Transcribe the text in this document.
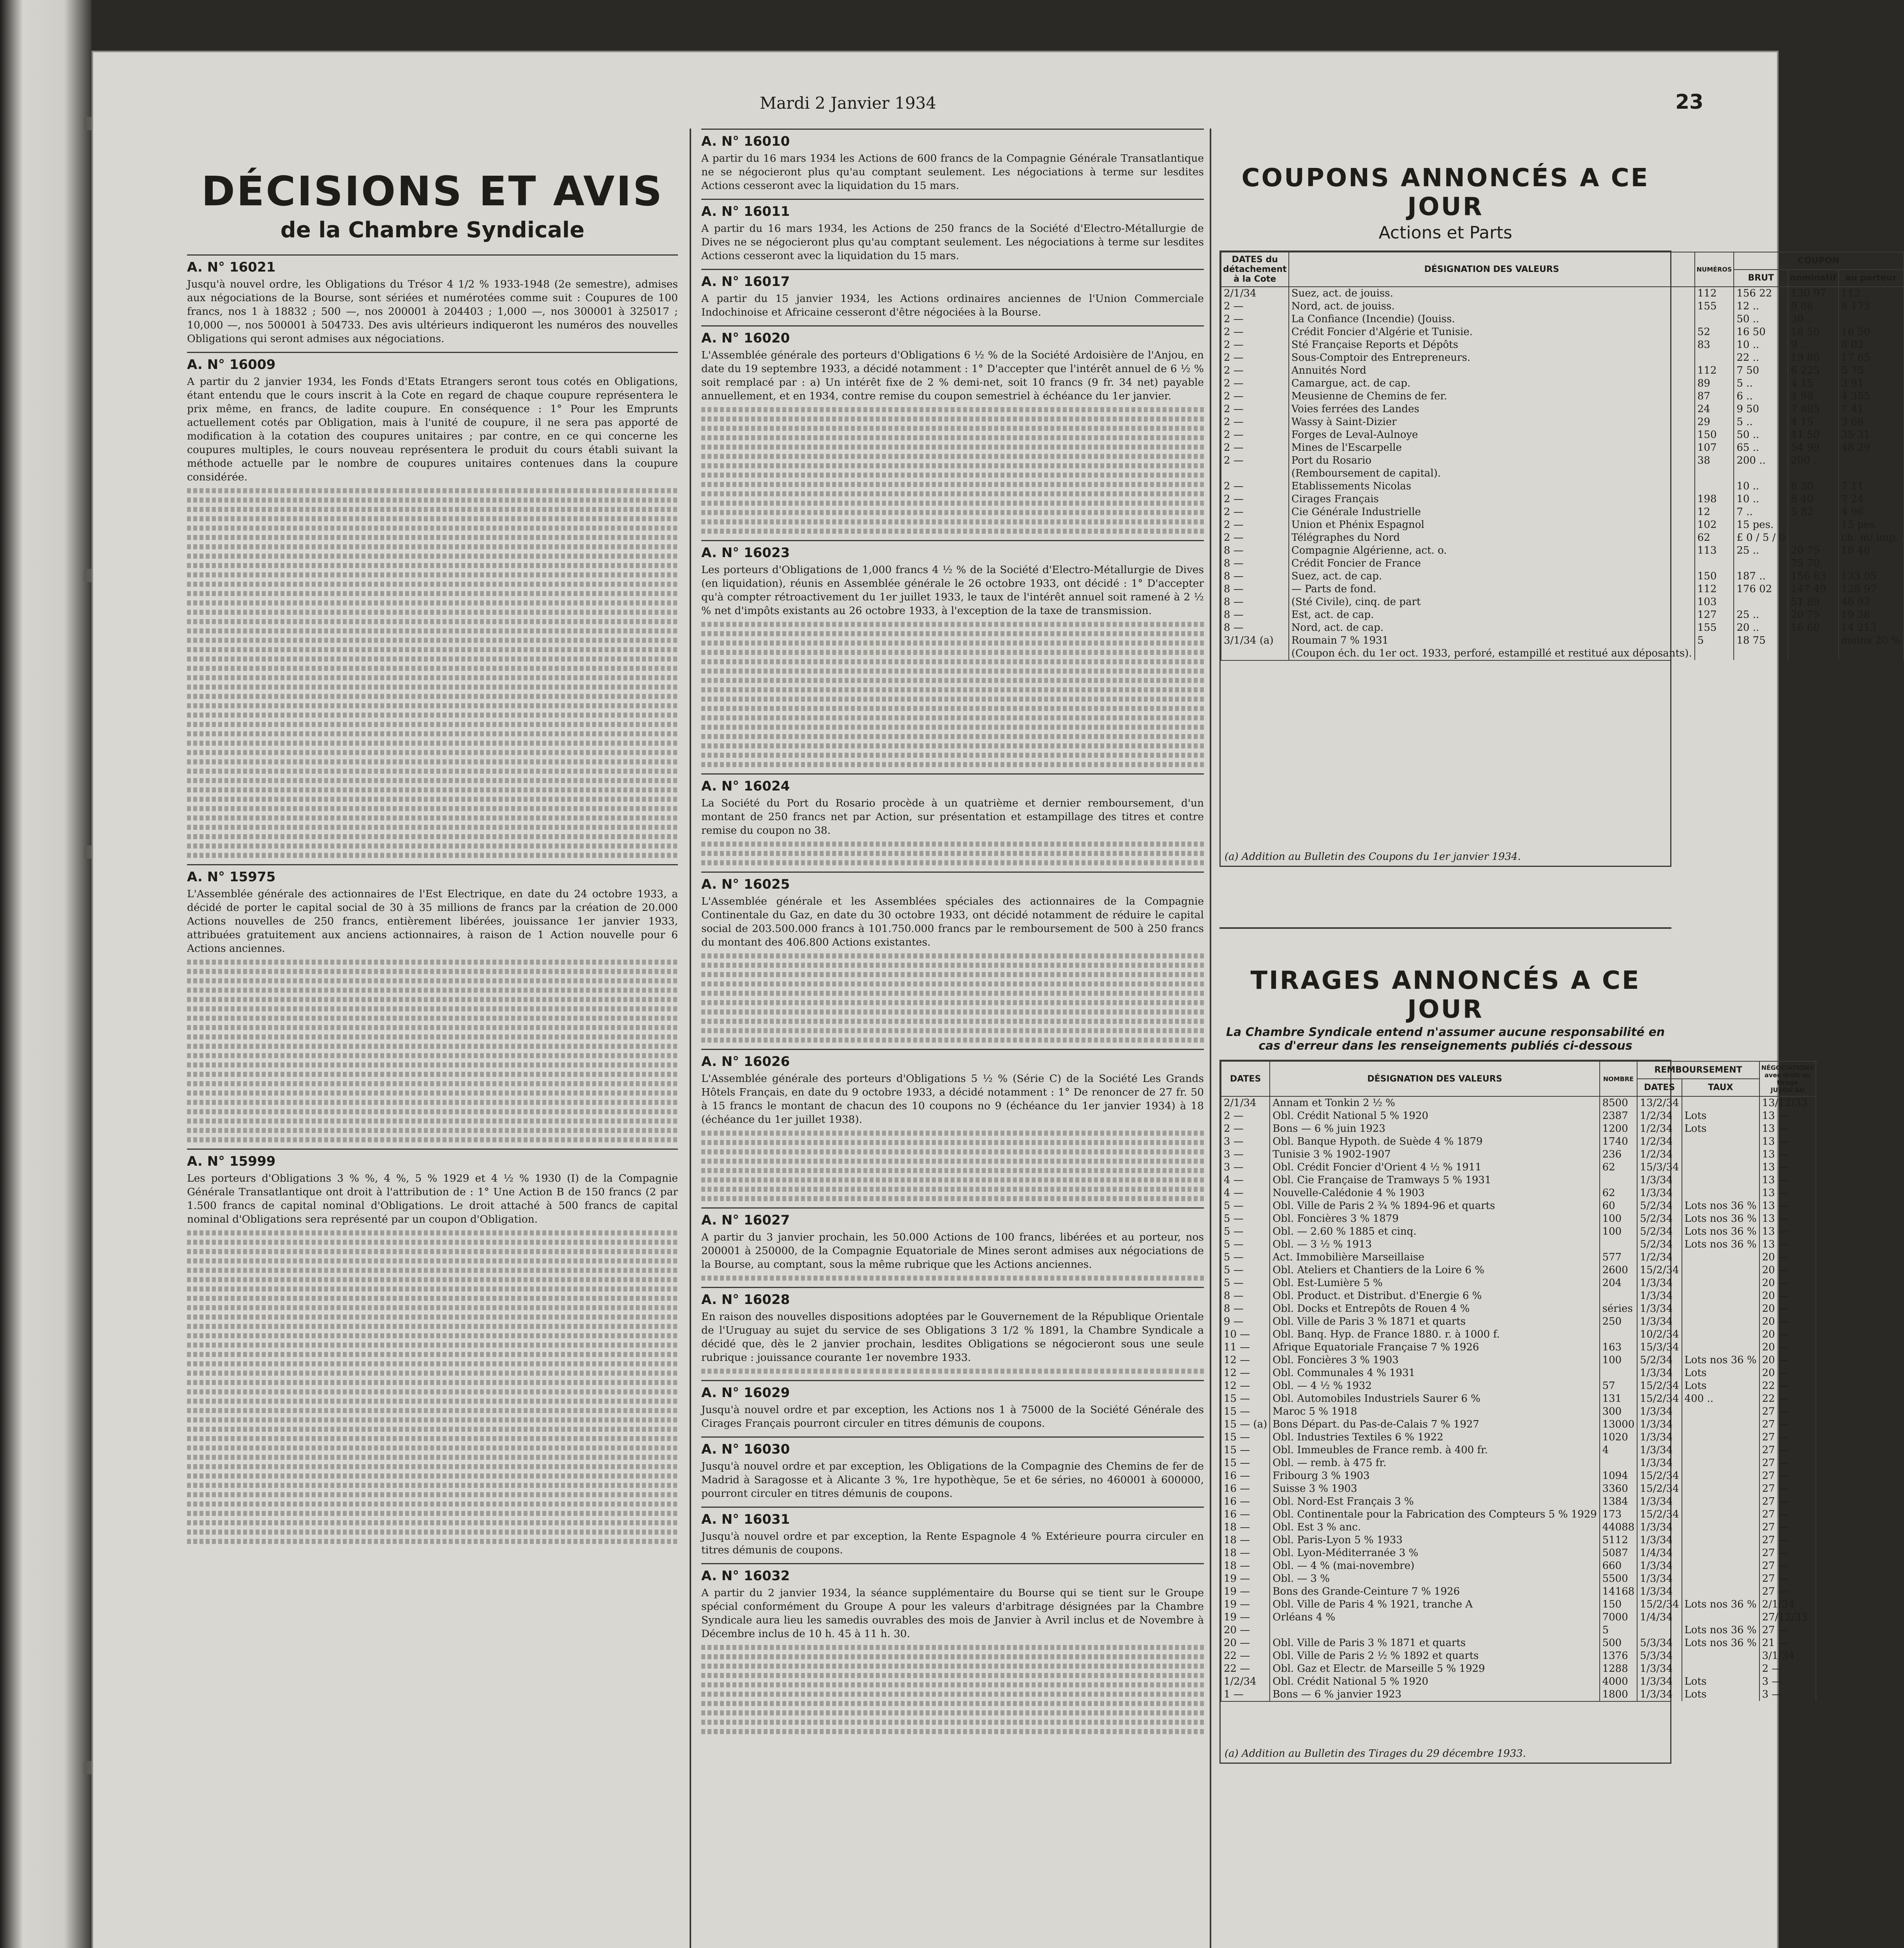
Mardi 2 Janvier 1934	23
DÉCISIONS ET AVIS
de la Chambre Syndicale

A. N° 16021

Jusqu'à nouvel ordre, les Obligations du Trésor 4 1/2 % 1933-1948 (2e semestre), admises aux négociations de la Bourse, sont sériées et numérotées comme suit : Coupures de 100 francs, nos 1 à 18832 ; 500 —, nos 200001 à 204403 ; 1,000 —, nos 300001 à 325017 ; 10,000 —, nos 500001 à 504733. Des avis ultérieurs indiqueront les numéros des nouvelles Obligations qui seront admises aux négociations.

A. N° 16009

A partir du 2 janvier 1934, les Fonds d'Etats Etrangers seront tous cotés en Obligations, étant entendu que le cours inscrit à la Cote en regard de chaque coupure représentera le prix même, en francs, de ladite coupure. En conséquence : 1° Pour les Emprunts actuellement cotés par Obligation, mais à l'unité de coupure, il ne sera pas apporté de modification à la cotation des coupures unitaires ; par contre, en ce qui concerne les coupures multiples, le cours nouveau représentera le produit du cours établi suivant la méthode actuelle par le nombre de coupures unitaires contenues dans la coupure considérée.

A. N° 15975

L'Assemblée générale des actionnaires de l'Est Electrique, en date du 24 octobre 1933, a décidé de porter le capital social de 30 à 35 millions de francs par la création de 20.000 Actions nouvelles de 250 francs, entièrement libérées, jouissance 1er janvier 1933, attribuées gratuitement aux anciens actionnaires, à raison de 1 Action nouvelle pour 6 Actions anciennes.

A. N° 15999

Les porteurs d'Obligations 3 % %, 4 %, 5 % 1929 et 4 ½ % 1930 (I) de la Compagnie Générale Transatlantique ont droit à l'attribution de : 1° Une Action B de 150 francs (2 par 1.500 francs de capital nominal d'Obligations. Le droit attaché à 500 francs de capital nominal d'Obligations sera représenté par un coupon d'Obligation.

A. N° 16010

A partir du 16 mars 1934 les Actions de 600 francs de la Compagnie Générale Transatlantique ne se négocieront plus qu'au comptant seulement. Les négociations à terme sur lesdites Actions cesseront avec la liquidation du 15 mars.

A. N° 16011

A partir du 16 mars 1934, les Actions de 250 francs de la Société d'Electro-Métallurgie de Dives ne se négocieront plus qu'au comptant seulement. Les négociations à terme sur lesdites Actions cesseront avec la liquidation du 15 mars.

A. N° 16017

A partir du 15 janvier 1934, les Actions ordinaires anciennes de l'Union Commerciale Indochinoise et Africaine cesseront d'être négociées à la Bourse.

A. N° 16020

L'Assemblée générale des porteurs d'Obligations 6 ½ % de la Société Ardoisière de l'Anjou, en date du 19 septembre 1933, a décidé notamment : 1° D'accepter que l'intérêt annuel de 6 ½ % soit remplacé par : a) Un intérêt fixe de 2 % demi-net, soit 10 francs (9 fr. 34 net) payable annuellement, et en 1934, contre remise du coupon semestriel à échéance du 1er janvier.

A. N° 16023

Les porteurs d'Obligations de 1,000 francs 4 ½ % de la Société d'Electro-Métallurgie de Dives (en liquidation), réunis en Assemblée générale le 26 octobre 1933, ont décidé : 1° D'accepter qu'à compter rétroactivement du 1er juillet 1933, le taux de l'intérêt annuel soit ramené à 2 ½ % net d'impôts existants au 26 octobre 1933, à l'exception de la taxe de transmission.

A. N° 16024

La Société du Port du Rosario procède à un quatrième et dernier remboursement, d'un montant de 250 francs net par Action, sur présentation et estampillage des titres et contre remise du coupon no 38.

A. N° 16025

L'Assemblée générale et les Assemblées spéciales des actionnaires de la Compagnie Continentale du Gaz, en date du 30 octobre 1933, ont décidé notamment de réduire le capital social de 203.500.000 francs à 101.750.000 francs par le remboursement de 500 à 250 francs du montant des 406.800 Actions existantes.

A. N° 16026

L'Assemblée générale des porteurs d'Obligations 5 ½ % (Série C) de la Société Les Grands Hôtels Français, en date du 9 octobre 1933, a décidé notamment : 1° De renoncer de 27 fr. 50 à 15 francs le montant de chacun des 10 coupons no 9 (échéance du 1er janvier 1934) à 18 (échéance du 1er juillet 1938).

A. N° 16027

A partir du 3 janvier prochain, les 50.000 Actions de 100 francs, libérées et au porteur, nos 200001 à 250000, de la Compagnie Equatoriale de Mines seront admises aux négociations de la Bourse, au comptant, sous la même rubrique que les Actions anciennes.

A. N° 16028

En raison des nouvelles dispositions adoptées par le Gouvernement de la République Orientale de l'Uruguay au sujet du service de ses Obligations 3 1/2 % 1891, la Chambre Syndicale a décidé que, dès le 2 janvier prochain, lesdites Obligations se négocieront sous une seule rubrique : jouissance courante 1er novembre 1933.

A. N° 16029

Jusqu'à nouvel ordre et par exception, les Actions nos 1 à 75000 de la Société Générale des Cirages Français pourront circuler en titres démunis de coupons.

A. N° 16030

Jusqu'à nouvel ordre et par exception, les Obligations de la Compagnie des Chemins de fer de Madrid à Saragosse et à Alicante 3 %, 1re hypothèque, 5e et 6e séries, no 460001 à 600000, pourront circuler en titres démunis de coupons.

A. N° 16031

Jusqu'à nouvel ordre et par exception, la Rente Espagnole 4 % Extérieure pourra circuler en titres démunis de coupons.

A. N° 16032

A partir du 2 janvier 1934, la séance supplémentaire du Bourse qui se tient sur le Groupe spécial conformément du Groupe A pour les valeurs d'arbitrage désignées par la Chambre Syndicale aura lieu les samedis ouvrables des mois de Janvier à Avril inclus et de Novembre à Décembre inclus de 10 h. 45 à 11 h. 30.

COUPONS ANNONCÉS A CE JOUR
Actions et Parts
DATES du détachement à la Cote	DÉSIGNATION DES VALEURS	NUMÉROS	COUPON		
			BRUT	nominatif	au porteur
2/1/34	Suez, act. de jouiss.	112	156 22	130 97	112 ..
2 —	Nord, act. de jouiss.	155	12 ..	9 86	8 173
2 —	La Confiance (Incendie) (Jouiss.		50 ..	30 ..	
2 —	Crédit Foncier d'Algérie et Tunisie.	52	16 50	16 50	16 50
2 —	Sté Française Reports et Dépôts	83	10 ..	9 ..	8 02
2 —	Sous-Comptoir des Entrepreneurs.		22 ..	19 80	17 65
2 —	Annuités Nord	112	7 50	6 225	5 75
2 —	Camargue, act. de cap.	89	5 ..	4 15	3 91
2 —	Meusienne de Chemins de fer.	87	6 ..	4 98	4 355
2 —	Voies ferrées des Landes	24	9 50	7 885	7 41
2 —	Wassy à Saint-Dizier	29	5 ..	4 15	3 66
2 —	Forges de Leval-Aulnoye	150	50 ..	41 50	35 31
2 —	Mines de l'Escarpelle	107	65 ..	54 99	48 29
2 —	Port du Rosario	38	200 ..	200 ..	
	(Remboursement de capital).				
2 —	Etablissements Nicolas		10 ..	8 30	7 11
2 —	Cirages Français	198	10 ..	8 40	7 24
2 —	Cie Générale Industrielle	12	7 ..	5 82	4 96
2 —	Union et Phénix Espagnol	102	15 pes.		15 pes.
2 —	Télégraphes du Nord	62	£ 0 / 5 / 0		ch. m/ imp.
8 —	Compagnie Algérienne, act. o.	113	25 ..	20 75	18 40
8 —	Crédit Foncier de France			75 70	
8 —	Suez, act. de cap.	150	187 ..	156 83	133 05
8 —	— Parts de fond.	112	176 02	147 49	128 97
8 —	(Sté Civile), cinq. de part	103		51 89	46 93
8 —	Est, act. de cap.	127	25 ..	20 75	19 38
8 —	Nord, act. de cap.	155	20 ..	16 60	14 213
3/1/34 (a)	Roumain 7 % 1931	5	18 75		moins 20 %
	(Coupon éch. du 1er oct. 1933, perforé, estampillé et restitué aux déposants).				
(a) Addition au Bulletin des Coupons du 1er janvier 1934.
TIRAGES ANNONCÉS A CE JOUR
La Chambre Syndicale entend n'assumer aucune responsabilité en cas d'erreur dans les renseignements publiés ci-dessous
DATES	DÉSIGNATION DES VALEURS	NOMBRE	REMBOURSEMENT		NÉGOCIATIONS avec droit au tirage JUSQU'AU
			DATES	TAUX	
2/1/34	Annam et Tonkin 2 ½ %	8500	13/2/34		13/12/33
2 —	Obl. Crédit National 5 % 1920	2387	1/2/34	Lots	13 —
2 —	Bons — 6 % juin 1923	1200	1/2/34	Lots	13 —
3 —	Obl. Banque Hypoth. de Suède 4 % 1879	1740	1/2/34		13 —
3 —	Tunisie 3 % 1902-1907	236	1/2/34		13 —
3 —	Obl. Crédit Foncier d'Orient 4 ½ % 1911	62	15/3/34		13 —
4 —	Obl. Cie Française de Tramways 5 % 1931		1/3/34		13 —
4 —	Nouvelle-Calédonie 4 % 1903	62	1/3/34		13 —
5 —	Obl. Ville de Paris 2 ¾ % 1894-96 et quarts	60	5/2/34	Lots nos 36 %	13 —
5 —	Obl. Foncières 3 % 1879	100	5/2/34	Lots nos 36 %	13 —
5 —	Obl. — 2.60 % 1885 et cinq.	100	5/2/34	Lots nos 36 %	13 —
5 —	Obl. — 3 ½ % 1913		5/2/34	Lots nos 36 %	13 —
5 —	Act. Immobilière Marseillaise	577	1/2/34		20 —
5 —	Obl. Ateliers et Chantiers de la Loire 6 %	2600	15/2/34		20 —
5 —	Obl. Est-Lumière 5 %	204	1/3/34		20 —
8 —	Obl. Product. et Distribut. d'Energie 6 %		1/3/34		20 —
8 —	Obl. Docks et Entrepôts de Rouen 4 %	séries	1/3/34		20 —
9 —	Obl. Ville de Paris 3 % 1871 et quarts	250	1/3/34		20 —
10 —	Obl. Banq. Hyp. de France 1880. r. à 1000 f.		10/2/34		20 —
11 —	Afrique Equatoriale Française 7 % 1926	163	15/3/34		20 —
12 —	Obl. Foncières 3 % 1903	100	5/2/34	Lots nos 36 %	20 —
12 —	Obl. Communales 4 % 1931		1/3/34	Lots	20 —
12 —	Obl. — 4 ½ % 1932	57	15/2/34	Lots	22 —
15 —	Obl. Automobiles Industriels Saurer 6 %	131	15/2/34	400 ..	22 —
15 —	Maroc 5 % 1918	300	1/3/34		27 —
15 — (a)	Bons Départ. du Pas-de-Calais 7 % 1927	13000	1/3/34		27 —
15 —	Obl. Industries Textiles 6 % 1922	1020	1/3/34		27 —
15 —	Obl. Immeubles de France remb. à 400 fr.	4	1/3/34		27 —
15 —	Obl. — remb. à 475 fr.		1/3/34		27 —
16 —	Fribourg 3 % 1903	1094	15/2/34		27 —
16 —	Suisse 3 % 1903	3360	15/2/34		27 —
16 —	Obl. Nord-Est Français 3 %	1384	1/3/34		27 —
16 —	Obl. Continentale pour la Fabrication des Compteurs 5 % 1929	173	15/2/34		27 —
18 —	Obl. Est 3 % anc.	44088	1/3/34		27 —
18 —	Obl. Paris-Lyon 5 % 1933	5112	1/3/34		27 —
18 —	Obl. Lyon-Méditerranée 3 %	5087	1/4/34		27 —
18 —	Obl. — 4 % (mai-novembre)	660	1/3/34		27 —
19 —	Obl. — 3 %	5500	1/3/34		27 —
19 —	Bons des Grande-Ceinture 7 % 1926	14168	1/3/34		27 —
19 —	Obl. Ville de Paris 4 % 1921, tranche A	150	15/2/34	Lots nos 36 %	2/1/34
19 —	Orléans 4 %	7000	1/4/34		27/12/33
20 —		5		Lots nos 36 %	27 —
20 —	Obl. Ville de Paris 3 % 1871 et quarts	500	5/3/34	Lots nos 36 %	21 —
22 —	Obl. Ville de Paris 2 ½ % 1892 et quarts	1376	5/3/34		3/1/34
22 —	Obl. Gaz et Electr. de Marseille 5 % 1929	1288	1/3/34		2 —
1/2/34	Obl. Crédit National 5 % 1920	4000	1/3/34	Lots	3 —
1 —	Bons — 6 % janvier 1923	1800	1/3/34	Lots	3 —
(a) Addition au Bulletin des Tirages du 29 décembre 1933.
